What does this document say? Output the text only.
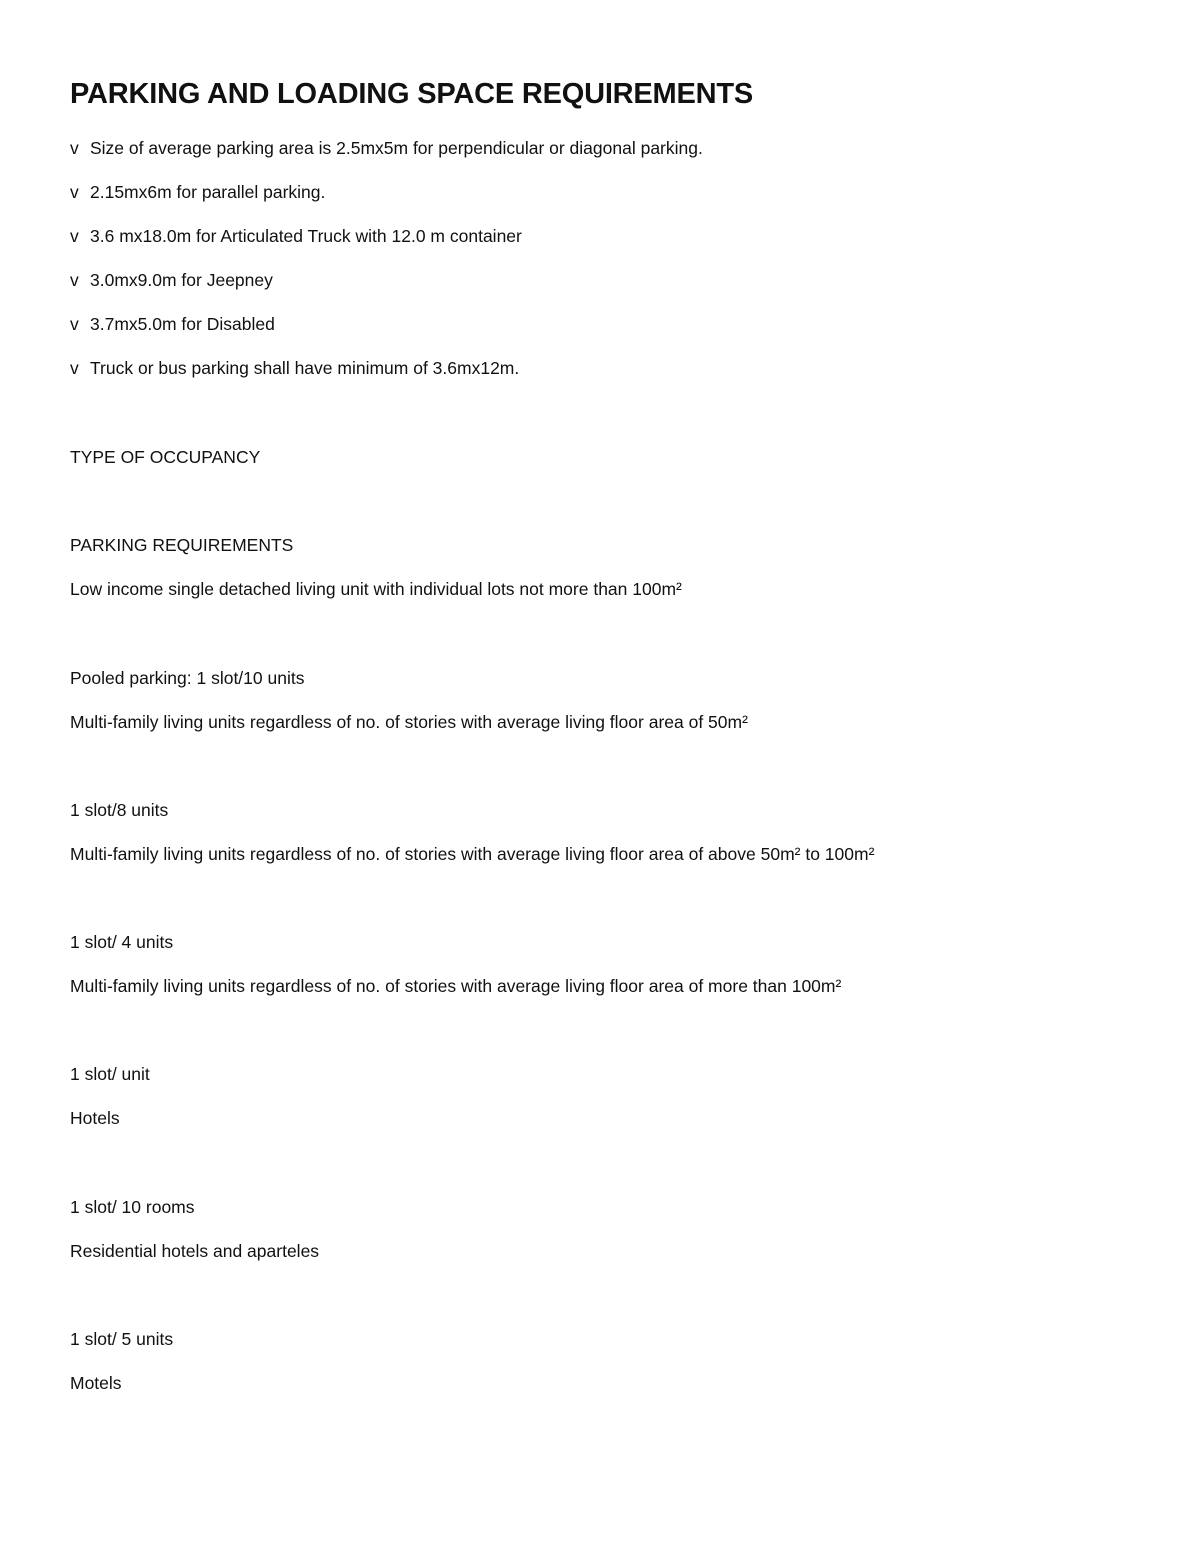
PARKING AND LOADING SPACE REQUIREMENTS
v Size of average parking area is 2.5mx5m for perpendicular or diagonal parking.
v 2.15mx6m for parallel parking.
v 3.6 mx18.0m for Articulated Truck with 12.0 m container
v 3.0mx9.0m for Jeepney
v 3.7mx5.0m for Disabled
v Truck or bus parking shall have minimum of 3.6mx12m.
TYPE OF OCCUPANCY
PARKING REQUIREMENTS
Low income single detached living unit with individual lots not more than 100m²
Pooled parking: 1 slot/10 units
Multi-family living units regardless of no. of stories with average living floor area of 50m²
1 slot/8 units
Multi-family living units regardless of no. of stories with average living floor area of above 50m² to 100m²
1 slot/ 4 units
Multi-family living units regardless of no. of stories with average living floor area of more than 100m²
1 slot/ unit
Hotels
1 slot/ 10 rooms
Residential hotels and aparteles
1 slot/ 5 units
Motels
